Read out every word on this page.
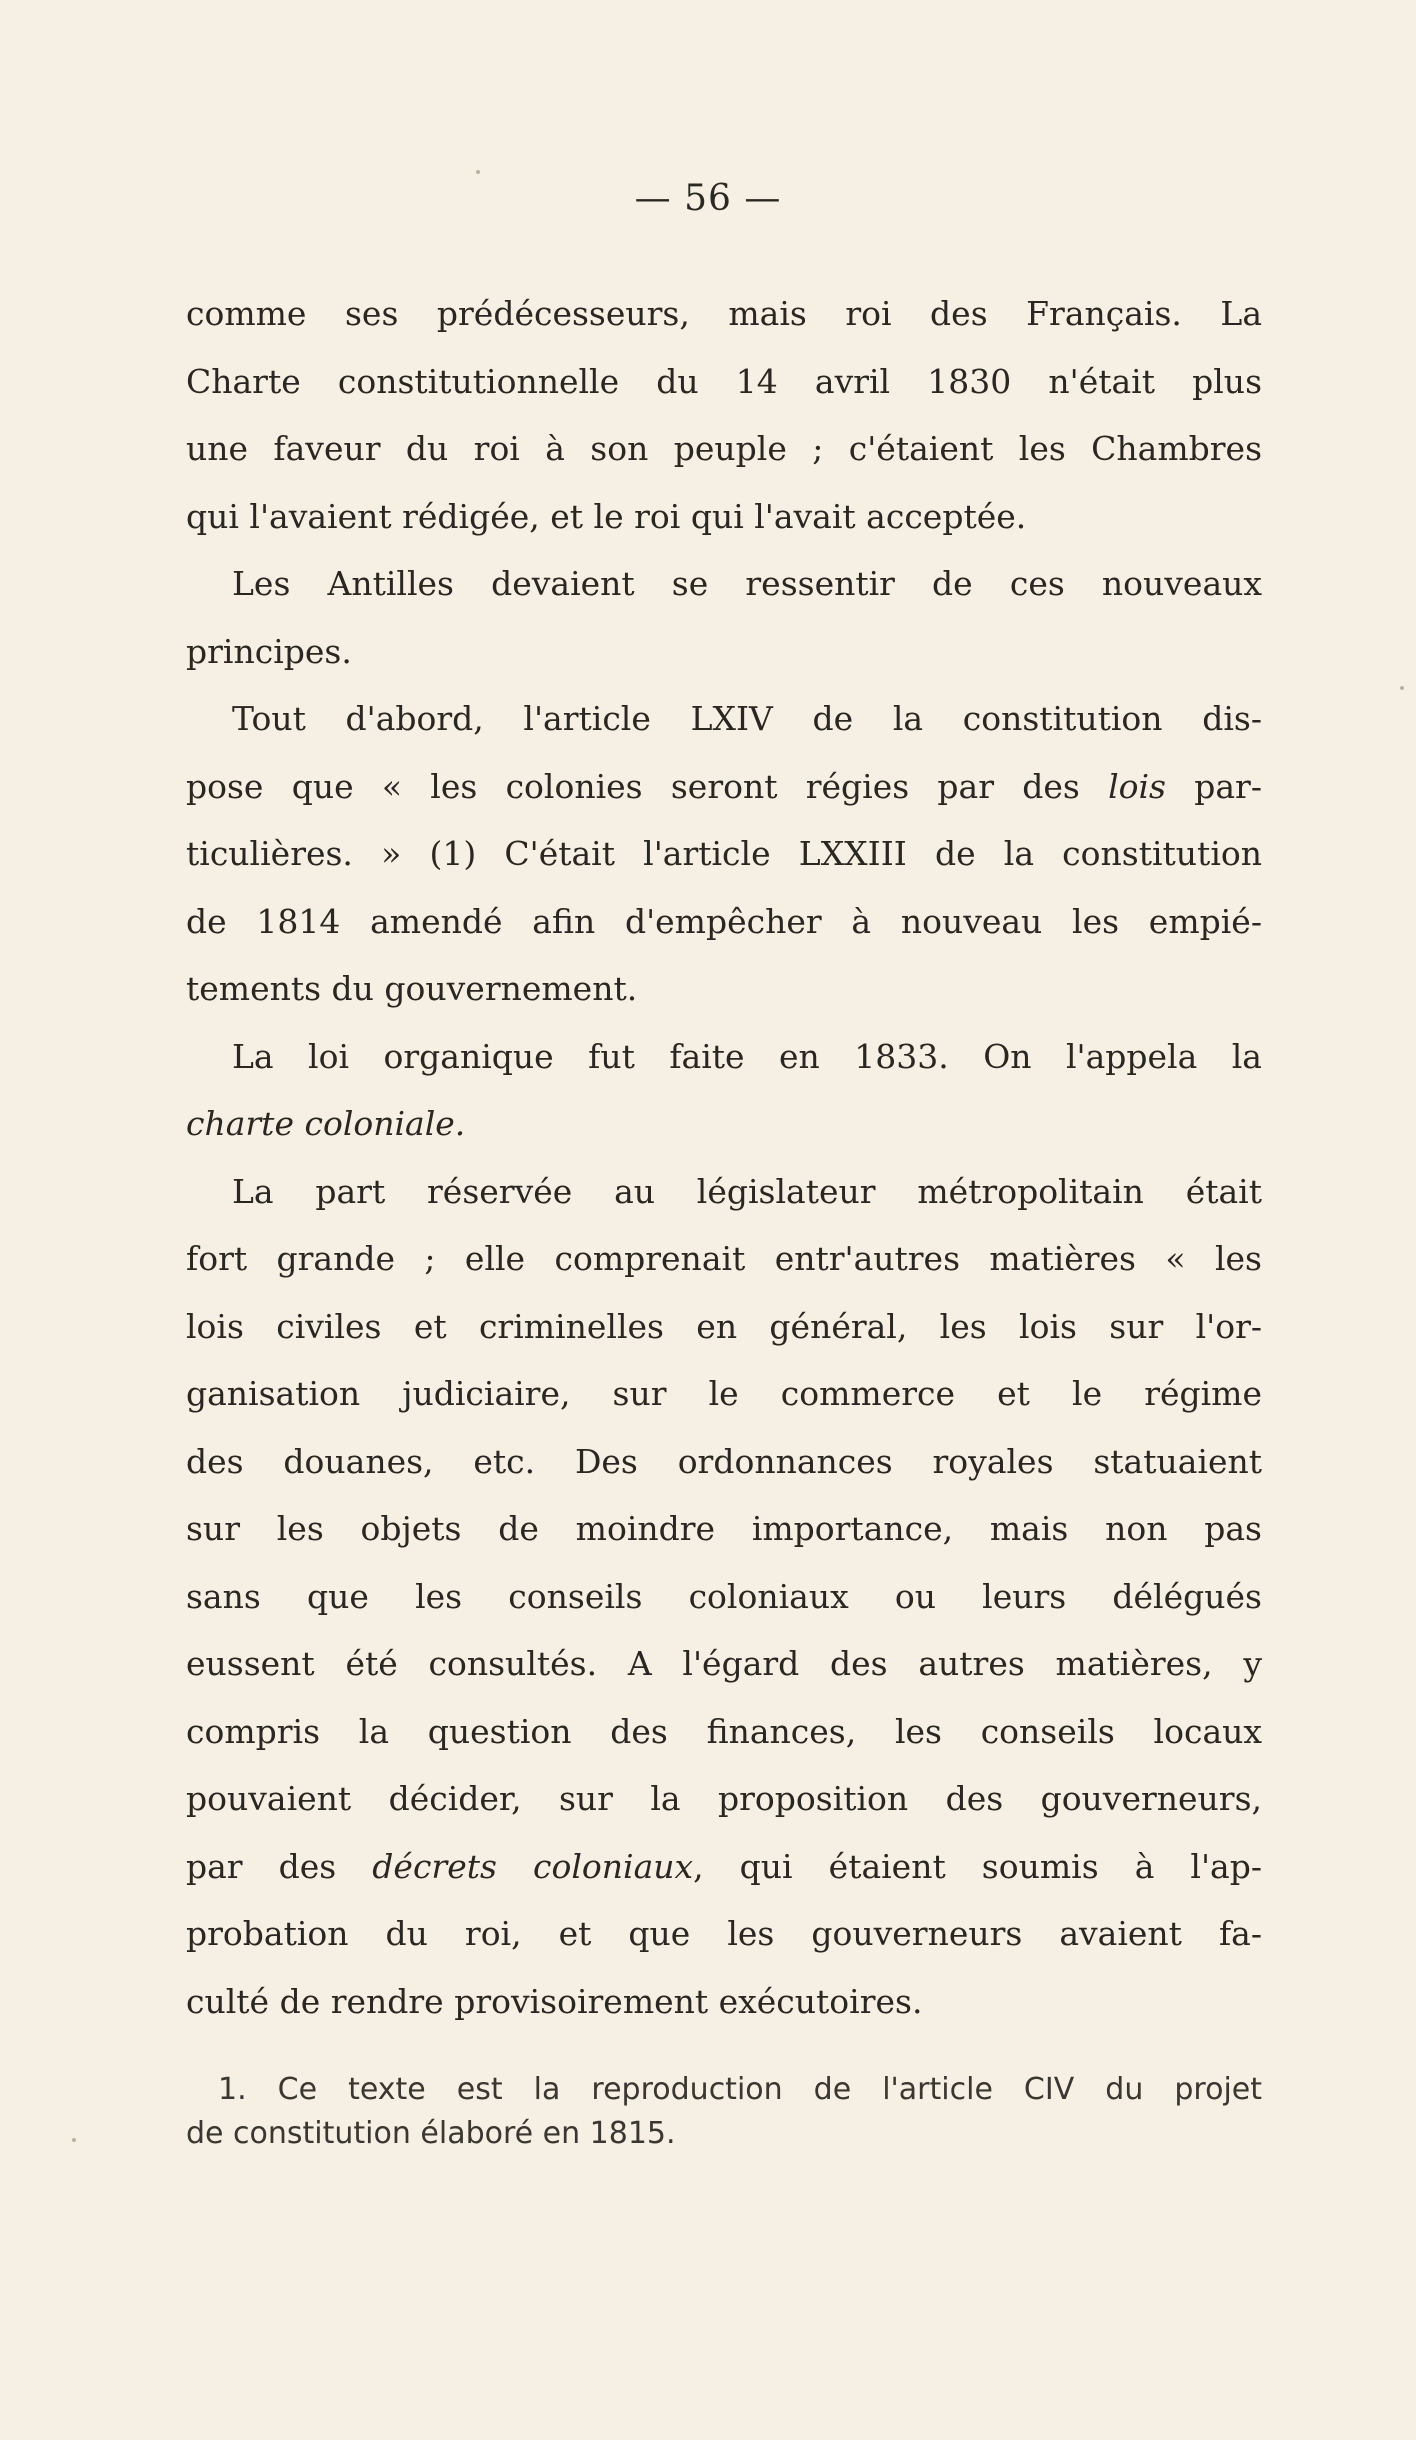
— 56 —
comme ses prédécesseurs, mais roi des Français. La
Charte constitutionnelle du 14 avril 1830 n'était plus
une faveur du roi à son peuple ; c'étaient les Chambres
qui l'avaient rédigée, et le roi qui l'avait acceptée.
Les Antilles devaient se ressentir de ces nouveaux
principes.
Tout d'abord, l'article LXIV de la constitution dis-
pose que « les colonies seront régies par des lois par-
ticulières. » (1) C'était l'article LXXIII de la constitution
de 1814 amendé afin d'empêcher à nouveau les empié-
tements du gouvernement.
La loi organique fut faite en 1833. On l'appela la
charte coloniale.
La part réservée au législateur métropolitain était
fort grande ; elle comprenait entr'autres matières « les
lois civiles et criminelles en général, les lois sur l'or-
ganisation judiciaire, sur le commerce et le régime
des douanes, etc. Des ordonnances royales statuaient
sur les objets de moindre importance, mais non pas
sans que les conseils coloniaux ou leurs délégués
eussent été consultés. A l'égard des autres matières, y
compris la question des finances, les conseils locaux
pouvaient décider, sur la proposition des gouverneurs,
par des décrets coloniaux, qui étaient soumis à l'ap-
probation du roi, et que les gouverneurs avaient fa-
culté de rendre provisoirement exécutoires.
1. Ce texte est la reproduction de l'article CIV du projet
de constitution élaboré en 1815.
